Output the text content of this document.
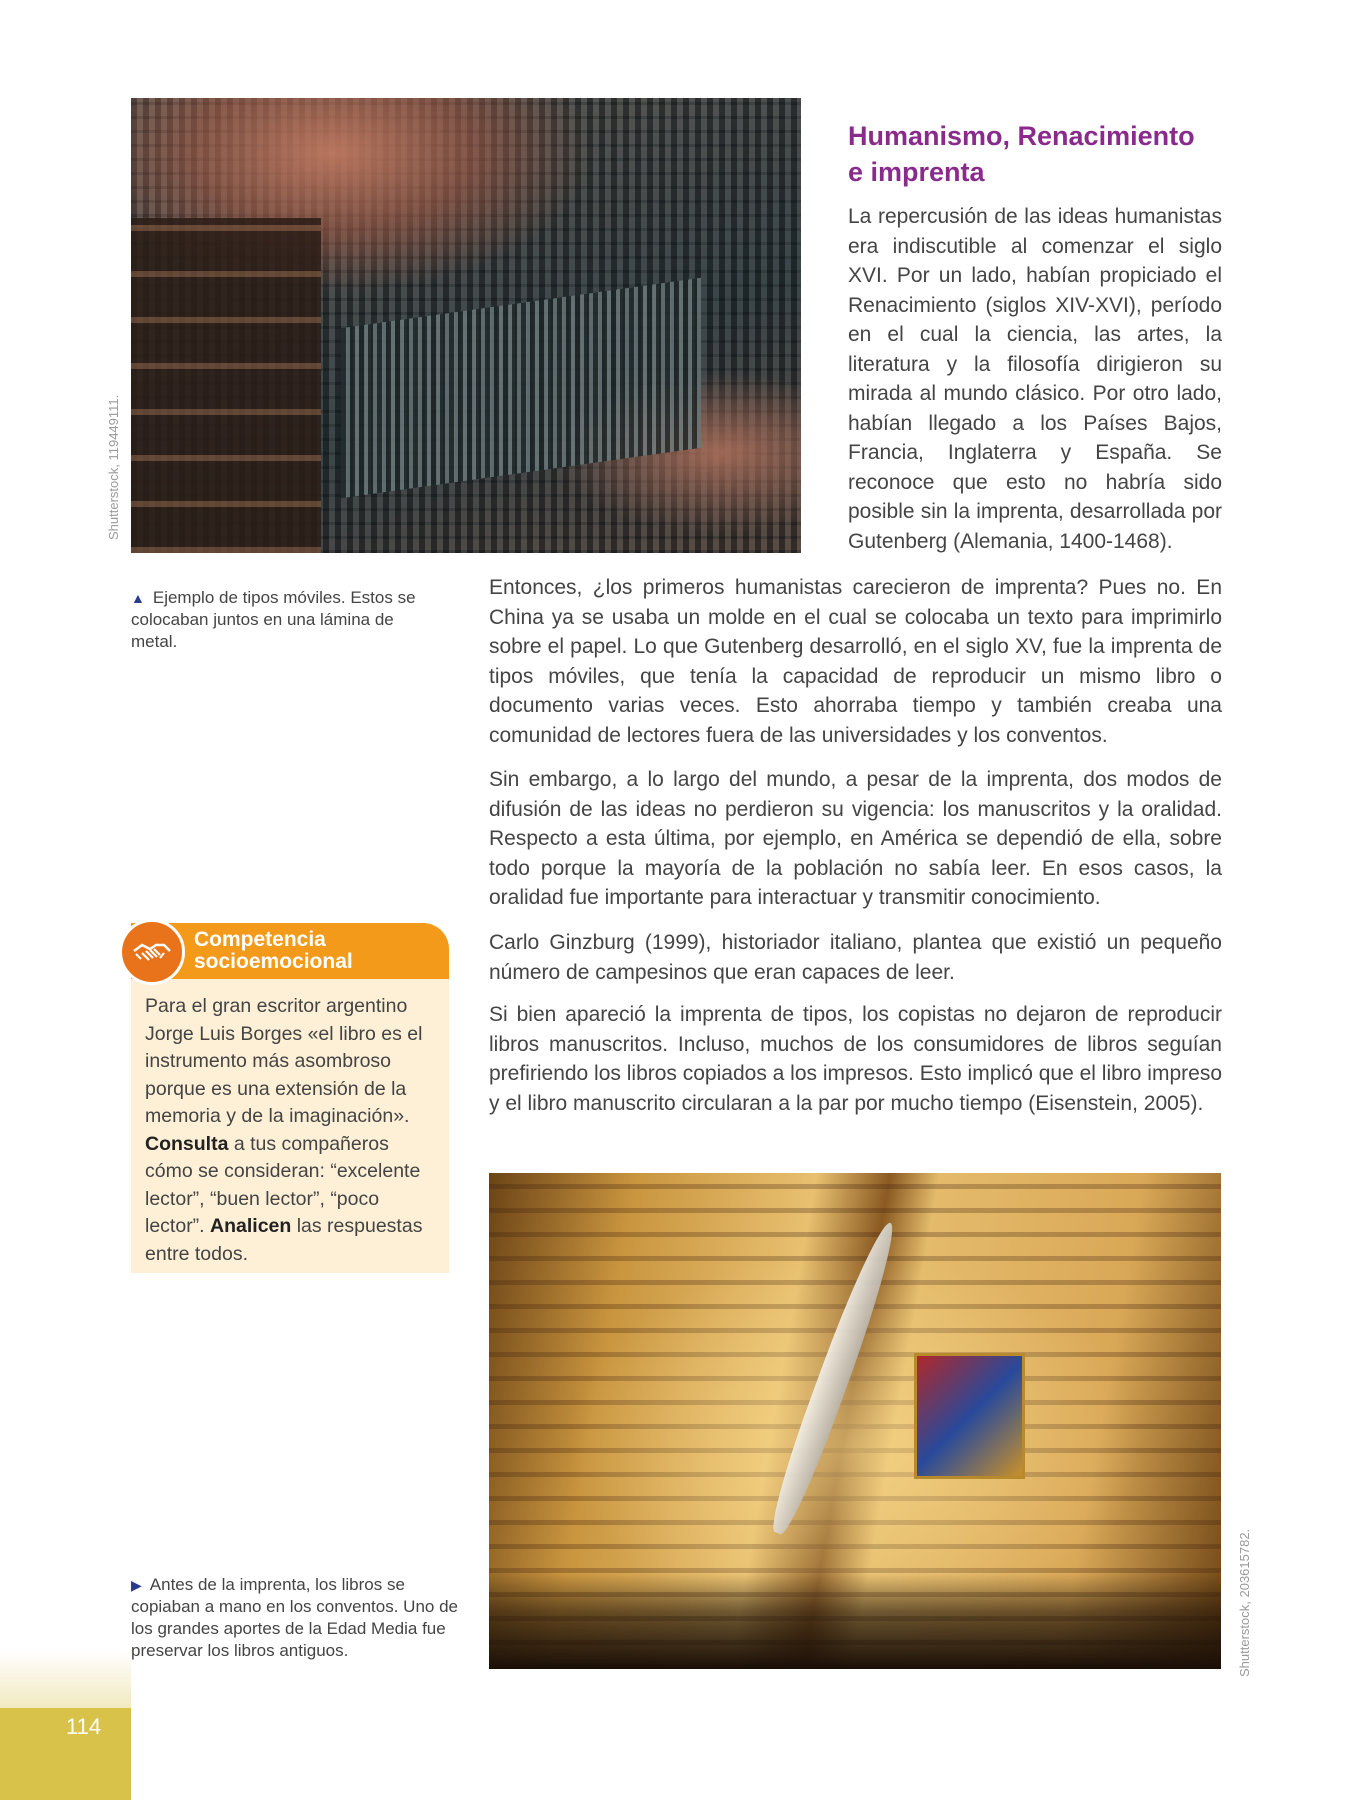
Shutterstock, 119449111.
▲ Ejemplo de tipos móviles. Estos se colocaban juntos en una lámina de metal.
Humanismo, Renacimiento
e imprenta

La repercusión de las ideas humanistas era indiscutible al comenzar el siglo XVI. Por un lado, habían propiciado el Renacimiento (siglos XIV-XVI), período en el cual la ciencia, las artes, la literatura y la filosofía dirigieron su mirada al mundo clásico. Por otro lado, habían llegado a los Países Bajos, Francia, Inglaterra y España. Se reconoce que esto no habría sido posible sin la imprenta, desarrollada por Gutenberg (Alemania, 1400-1468).

Entonces, ¿los primeros humanistas carecieron de imprenta? Pues no. En China ya se usaba un molde en el cual se colocaba un texto para imprimirlo sobre el papel. Lo que Gutenberg desarrolló, en el siglo XV, fue la imprenta de tipos móviles, que tenía la capacidad de reproducir un mismo libro o documento varias veces. Esto ahorraba tiempo y también creaba una comunidad de lectores fuera de las universidades y los conventos.

Sin embargo, a lo largo del mundo, a pesar de la imprenta, dos modos de difusión de las ideas no perdieron su vigencia: los manuscritos y la oralidad. Respecto a esta última, por ejemplo, en América se dependió de ella, sobre todo porque la mayoría de la población no sabía leer. En esos casos, la oralidad fue importante para interactuar y transmitir conocimiento.

Carlo Ginzburg (1999), historiador italiano, plantea que existió un pequeño número de campesinos que eran capaces de leer.

Si bien apareció la imprenta de tipos, los copistas no dejaron de reproducir libros manuscritos. Incluso, muchos de los consumidores de libros seguían prefiriendo los libros copiados a los impresos. Esto implicó que el libro impreso y el libro manuscrito circularan a la par por mucho tiempo (Eisenstein, 2005).

Competencia
socioemocional

Para el gran escritor argentino Jorge Luis Borges «el libro es el instrumento más asombroso porque es una extensión de la memoria y de la imaginación». Consulta a tus compañeros cómo se consideran: “excelente lector”, “buen lector”, “poco lector”. Analicen las respuestas entre todos.

Shutterstock, 203615782.
▶ Antes de la imprenta, los libros se copiaban a mano en los conventos. Uno de los grandes aportes de la Edad Media fue preservar los libros antiguos.
114
